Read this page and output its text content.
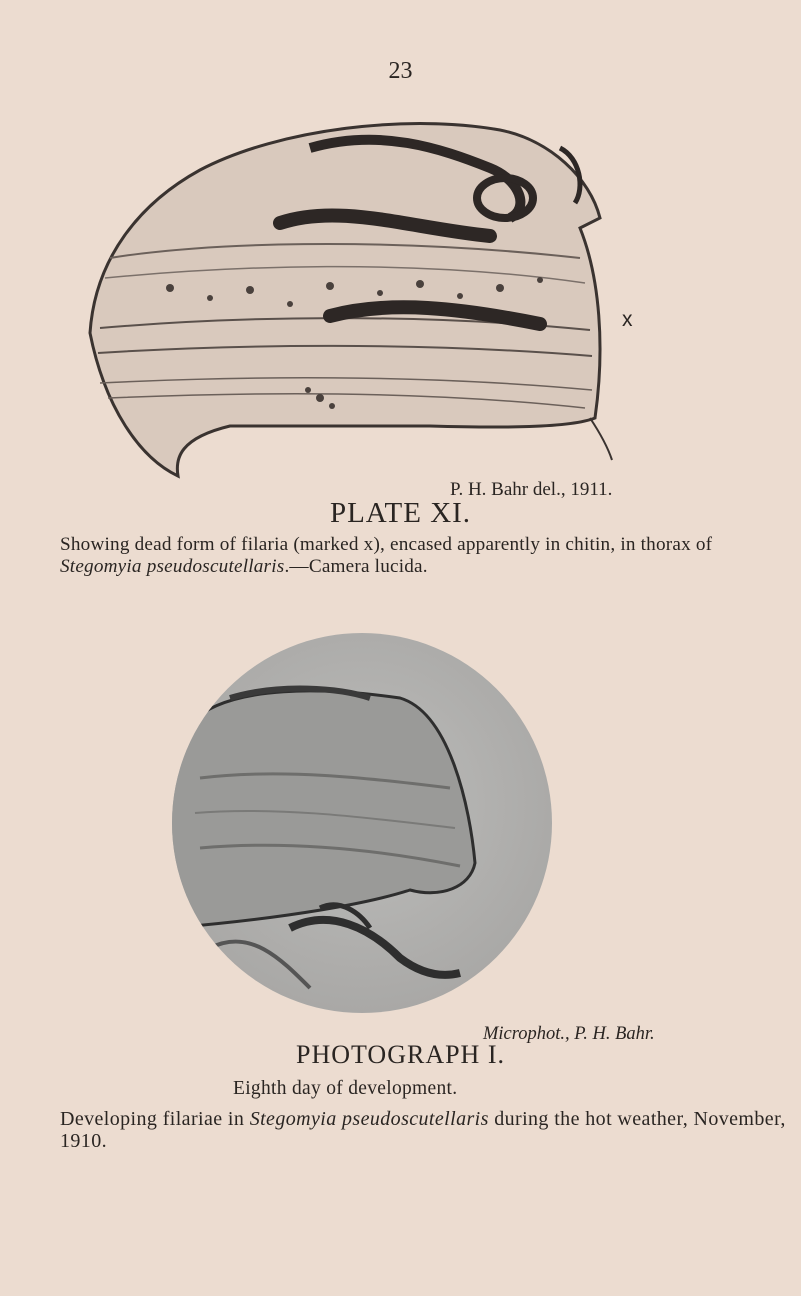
23
x
P. H. Bahr del., 1911.
PLATE XI.
Showing dead form of filaria (marked x), encased apparently in chitin, in thorax of Stegomyia pseudoscutellaris.—Camera lucida.
Microphot., P. H. Bahr.
PHOTOGRAPH I.
Eighth day of development.
Developing filariae in Stegomyia pseudoscutellaris during the hot weather, November, 1910.
